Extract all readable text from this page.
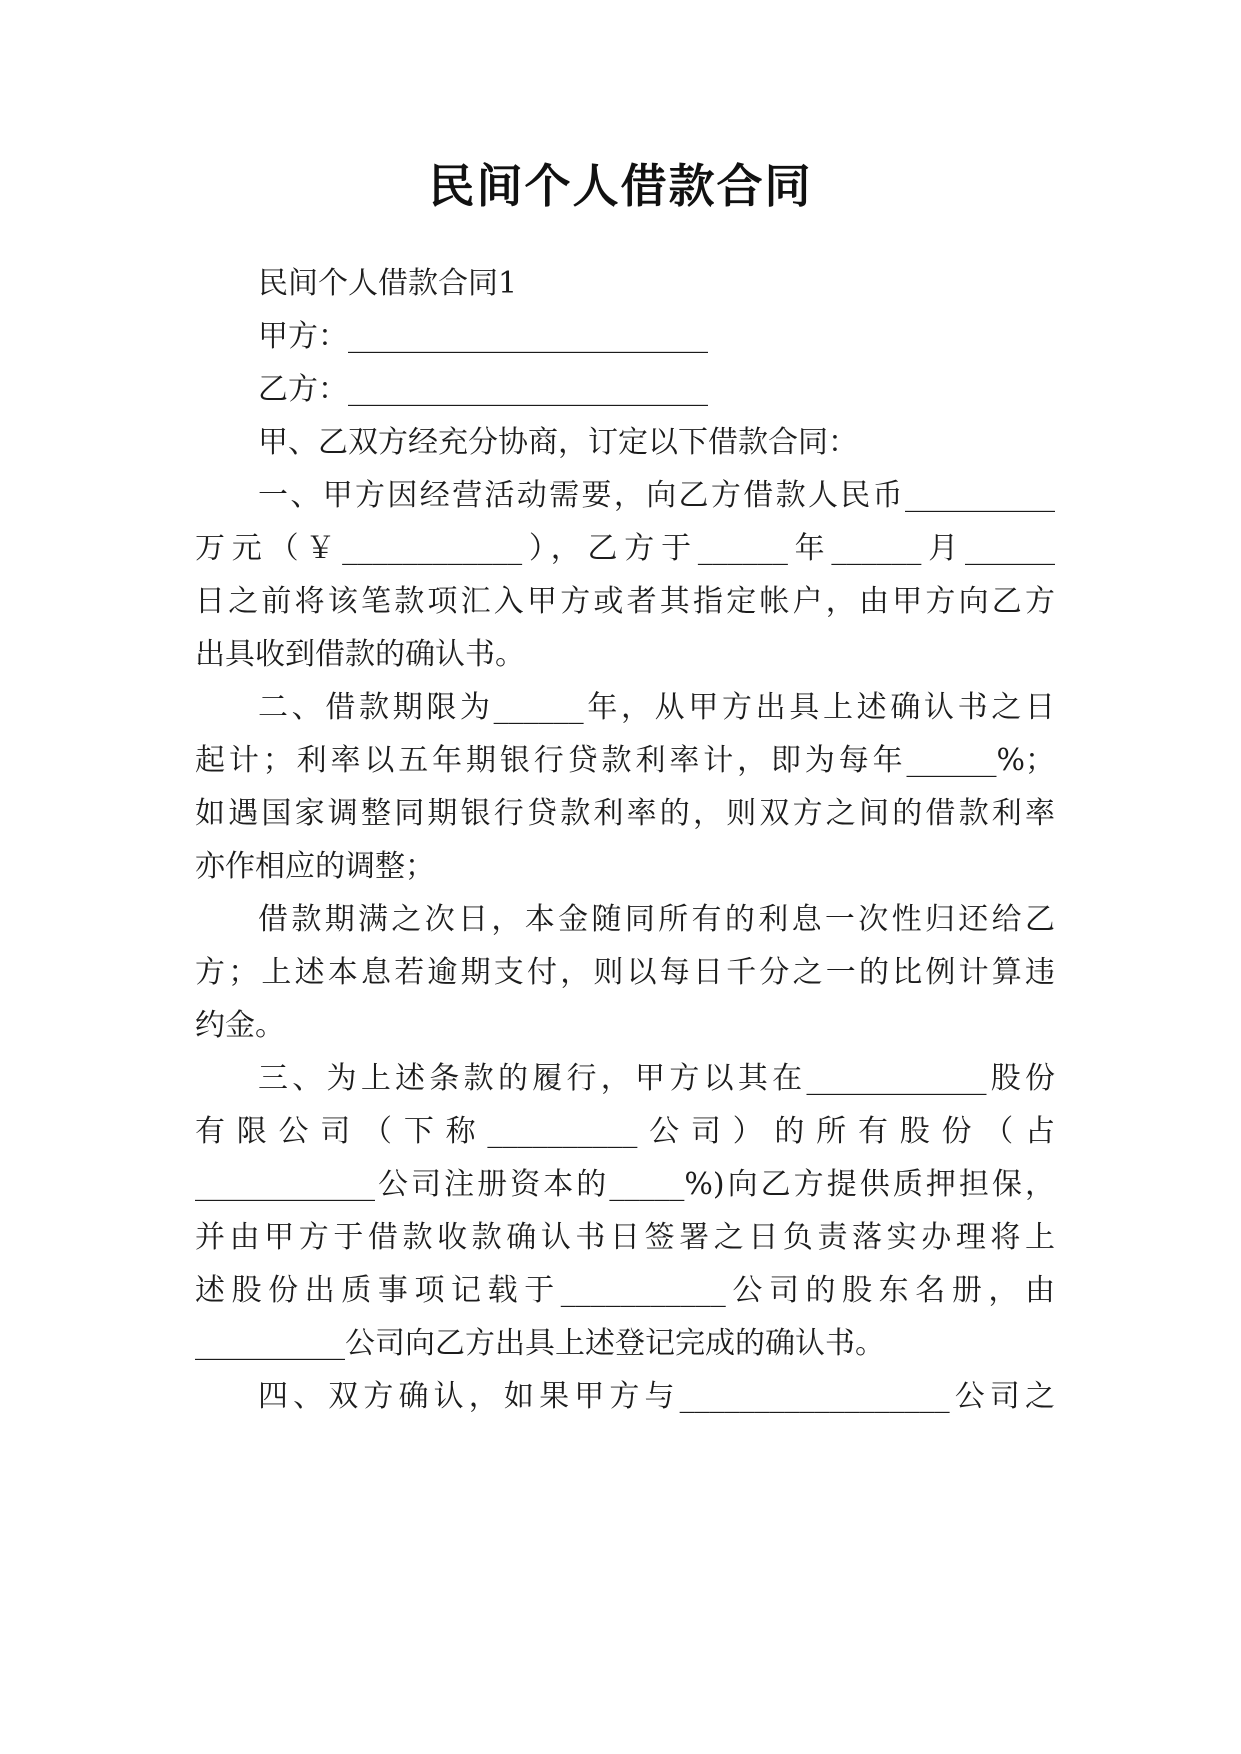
民间个人借款合同
民间个人借款合同1
甲方：________________________
乙方：________________________
甲、乙双方经充分协商，订定以下借款合同：
一、甲方因经营活动需要，向乙方借款人民币__________
万元（￥____________），乙方于______年______月______
日之前将该笔款项汇入甲方或者其指定帐户，由甲方向乙方
出具收到借款的确认书。
二、借款期限为______年，从甲方出具上述确认书之日
起计；利率以五年期银行贷款利率计，即为每年______%；
如遇国家调整同期银行贷款利率的，则双方之间的借款利率
亦作相应的调整；
借款期满之次日，本金随同所有的利息一次性归还给乙
方；上述本息若逾期支付，则以每日千分之一的比例计算违
约金。
三、为上述条款的履行，甲方以其在____________股份
有限公司（下称__________公司）的所有股份（占
____________公司注册资本的_____%)向乙方提供质押担保，
并由甲方于借款收款确认书日签署之日负责落实办理将上
述股份出质事项记载于___________公司的股东名册，由
__________公司向乙方出具上述登记完成的确认书。
四、双方确认，如果甲方与__________________公司之
